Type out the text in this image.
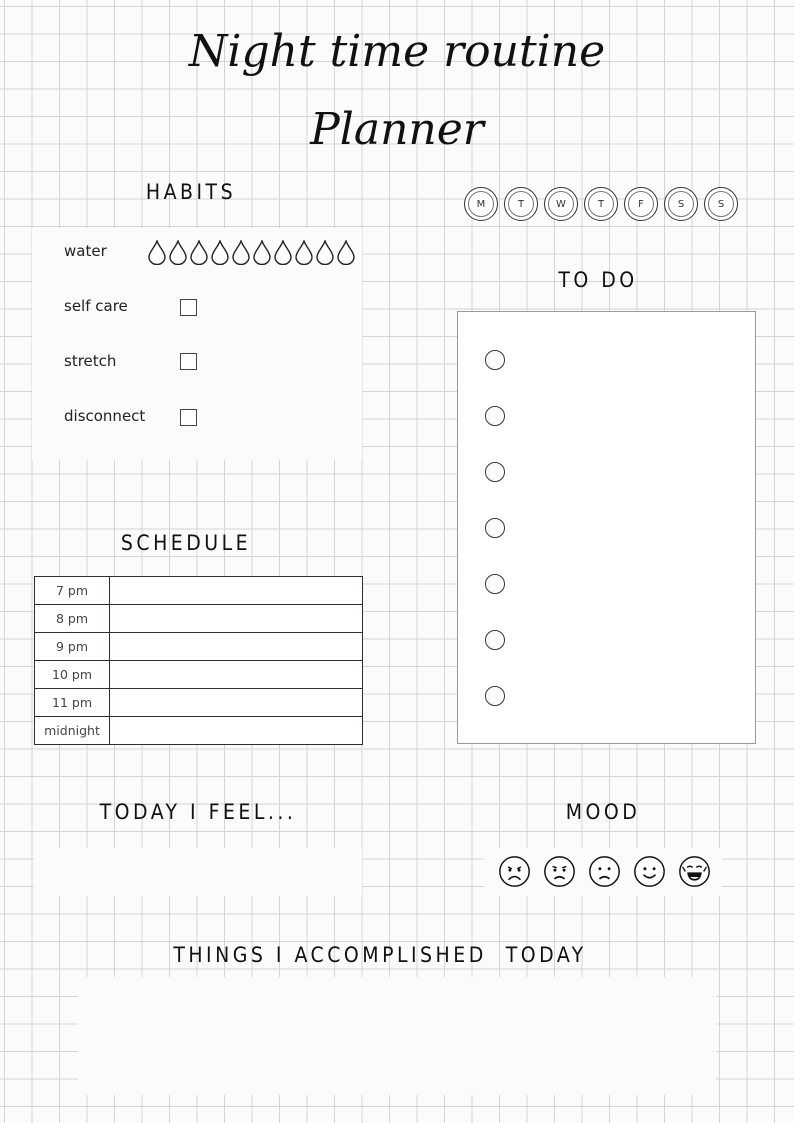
Night time routine
Planner
HABITS
water
self care
stretch
disconnect
M	T	W	T	F	S	S
TO DO
SCHEDULE
7 pm	
8 pm	
9 pm	
10 pm	
11 pm	
midnight	
TODAY I FEEL...	MOOD
THINGS I ACCOMPLISHED  TODAY
